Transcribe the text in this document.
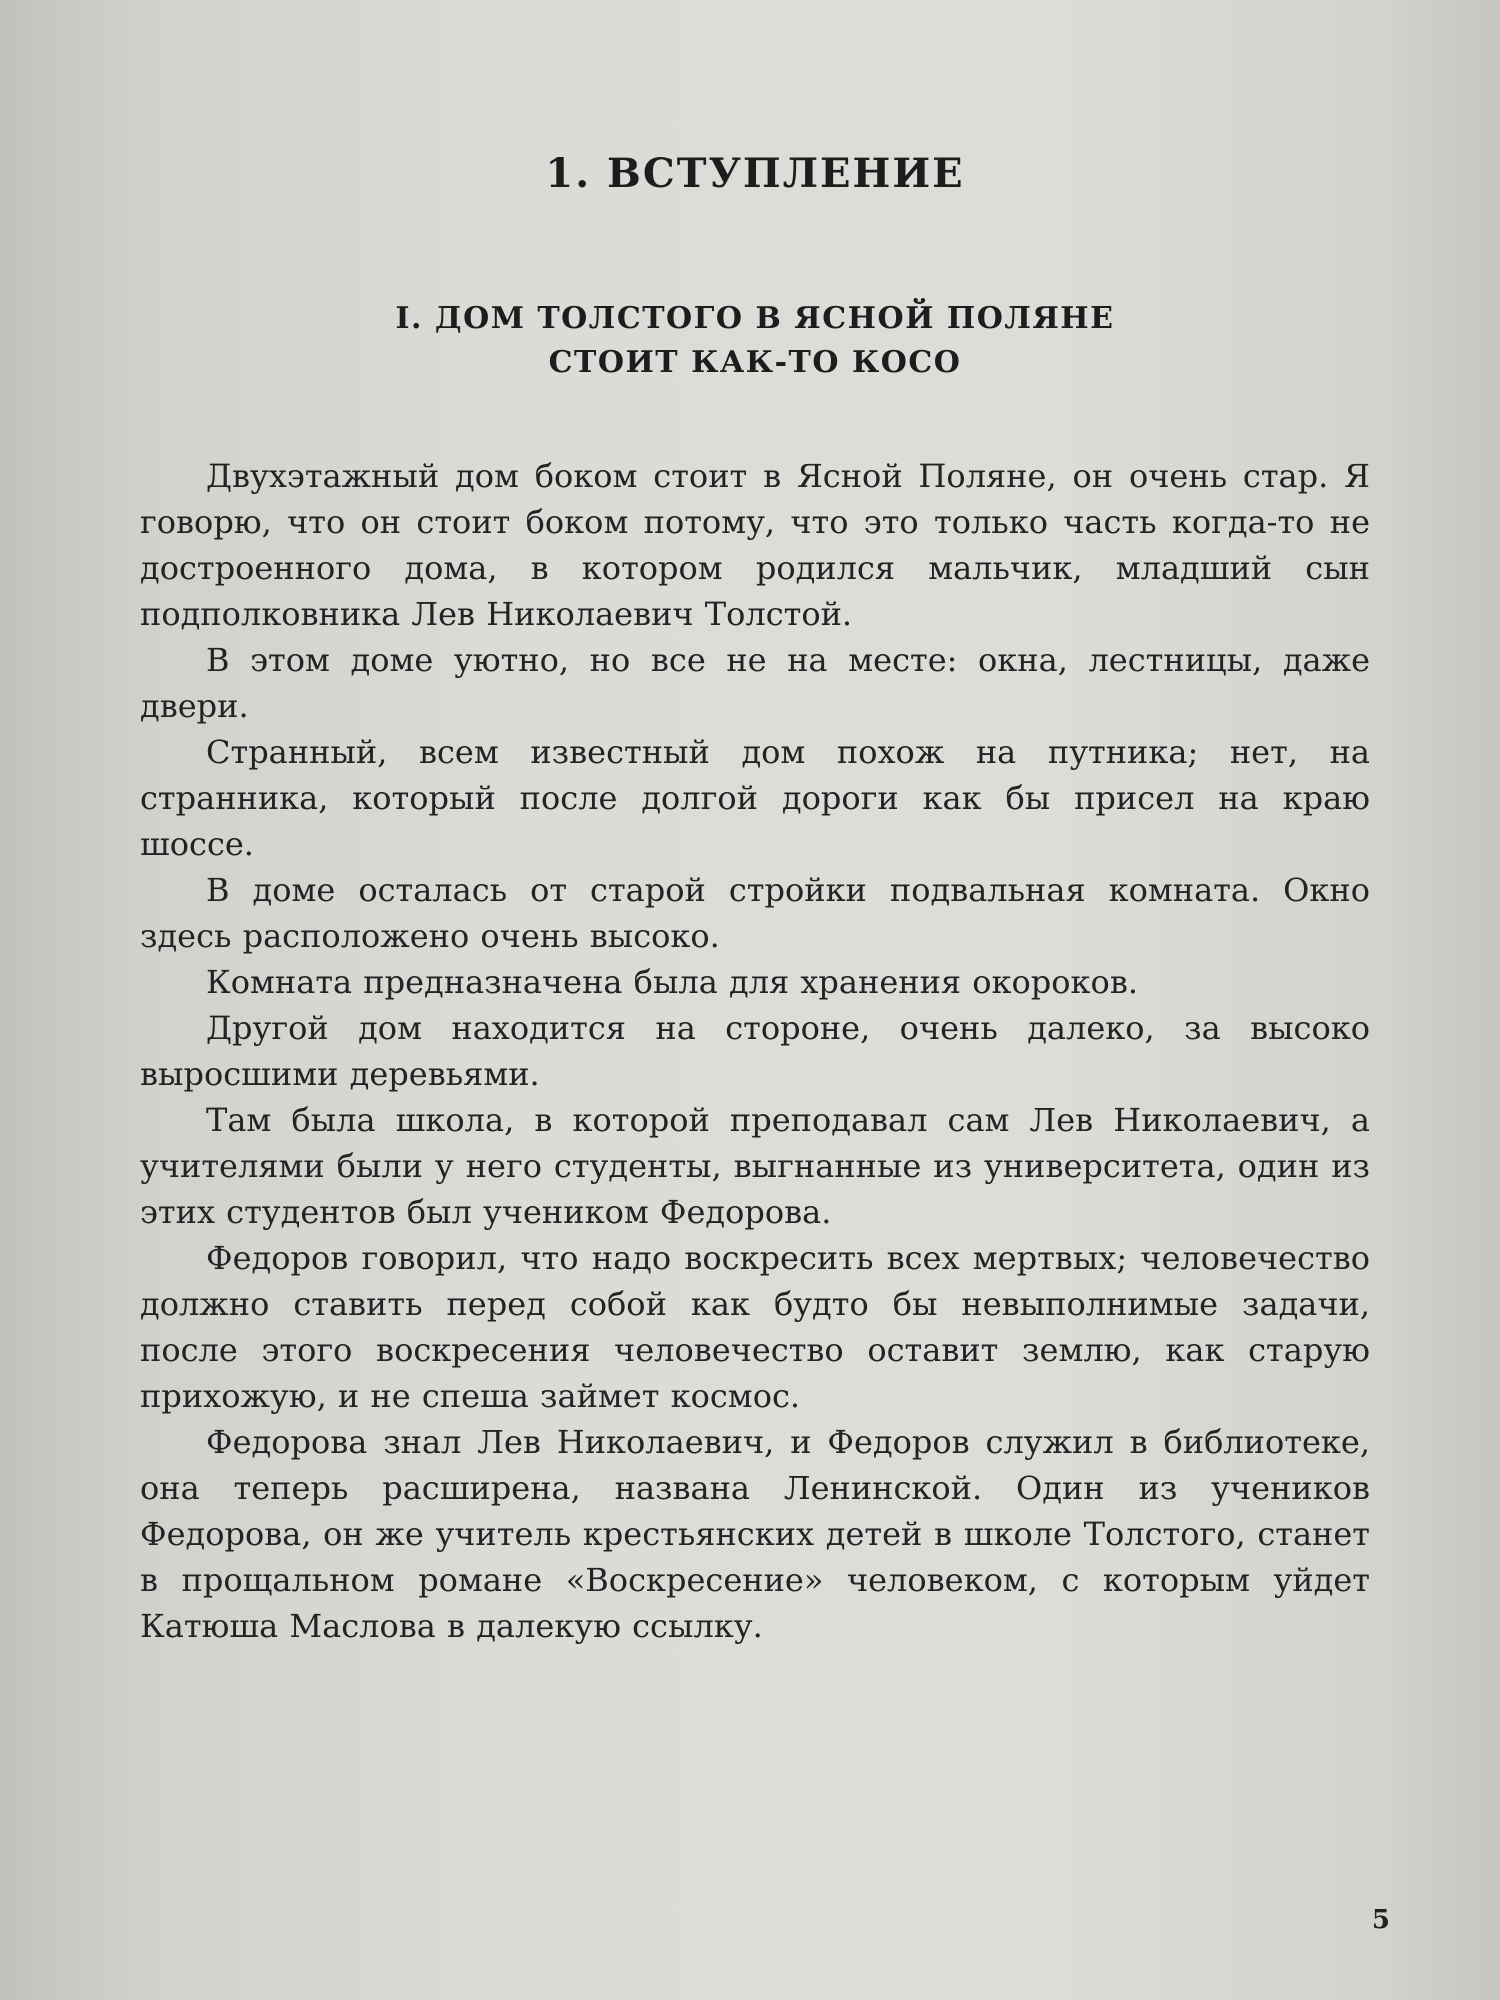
1. ВСТУПЛЕНИЕ
I. ДОМ ТОЛСТОГО В ЯСНОЙ ПОЛЯНЕ
СТОИТ КАК-ТО КОСО

Двухэтажный дом боком стоит в Ясной Поляне, он очень стар. Я говорю, что он стоит боком потому, что это только часть когда-то не достроенного дома, в котором родился мальчик, младший сын подполковника Лев Николаевич Толстой.

В этом доме уютно, но все не на месте: окна, лестницы, даже двери.

Странный, всем известный дом похож на путника; нет, на странника, который после долгой дороги как бы присел на краю шоссе.

В доме осталась от старой стройки подвальная комната. Окно здесь расположено очень высоко.

Комната предназначена была для хранения окороков.

Другой дом находится на стороне, очень далеко, за высоко выросшими деревьями.

Там была школа, в которой преподавал сам Лев Николаевич, а учителями были у него студенты, выгнанные из университета, один из этих студентов был учеником Федорова.

Федоров говорил, что надо воскресить всех мертвых; человечество должно ставить перед собой как будто бы невыполнимые задачи, после этого воскресения человечество оставит землю, как старую прихожую, и не спеша займет космос.

Федорова знал Лев Николаевич, и Федоров служил в библиотеке, она теперь расширена, названа Ленинской. Один из учеников Федорова, он же учитель крестьянских детей в школе Толстого, станет в прощальном романе «Воскресение» человеком, с которым уйдет Катюша Маслова в далекую ссылку.

5
